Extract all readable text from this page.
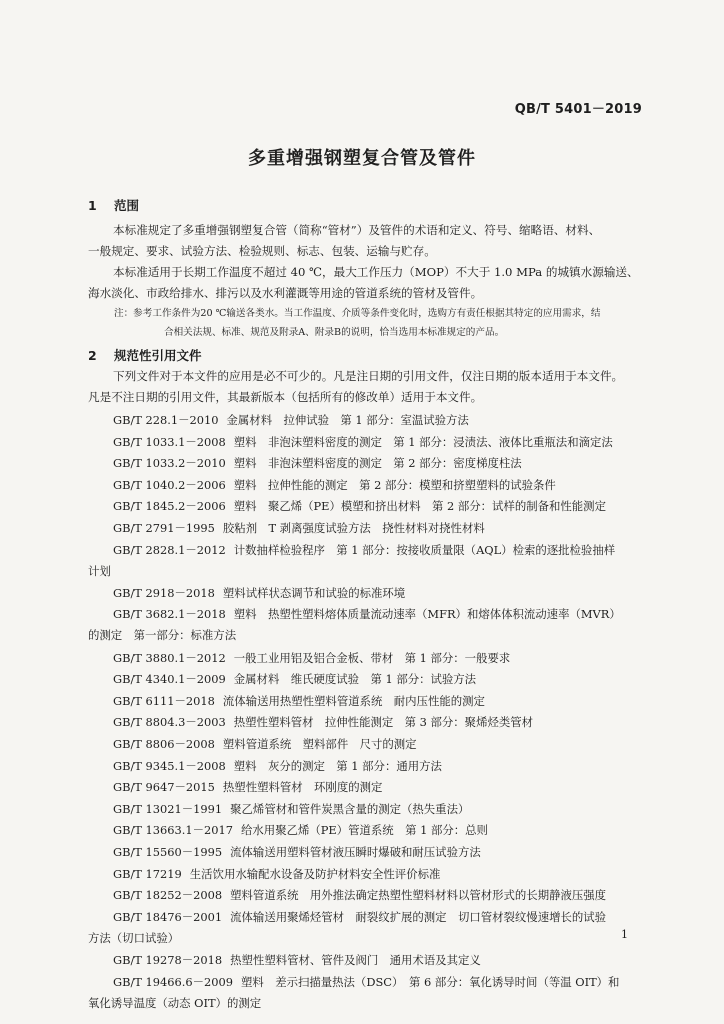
QB/T 5401－2019
多重增强钢塑复合管及管件
1 范围
本标准规定了多重增强钢塑复合管（简称“管材”）及管件的术语和定义、符号、缩略语、材料、
一般规定、要求、试验方法、检验规则、标志、包装、运输与贮存。
本标准适用于长期工作温度不超过 40 ℃，最大工作压力（MOP）不大于 1.0 MPa 的城镇水源输送、
海水淡化、市政给排水、排污以及水利灌溉等用途的管道系统的管材及管件。
注：参考工作条件为20 ℃输送各类水。当工作温度、介质等条件变化时，选购方有责任根据其特定的应用需求，结
合相关法规、标准、规范及附录A、附录B的说明，恰当选用本标准规定的产品。
2 规范性引用文件
下列文件对于本文件的应用是必不可少的。凡是注日期的引用文件，仅注日期的版本适用于本文件。
凡是不注日期的引用文件，其最新版本（包括所有的修改单）适用于本文件。
GB/T 228.1－2010 金属材料　拉伸试验　第 1 部分：室温试验方法
GB/T 1033.1－2008 塑料　非泡沫塑料密度的测定　第 1 部分：浸渍法、液体比重瓶法和滴定法
GB/T 1033.2－2010 塑料　非泡沫塑料密度的测定　第 2 部分：密度梯度柱法
GB/T 1040.2－2006 塑料　拉伸性能的测定　第 2 部分：模塑和挤塑塑料的试验条件
GB/T 1845.2－2006 塑料　聚乙烯（PE）模塑和挤出材料　第 2 部分：试样的制备和性能测定
GB/T 2791－1995 胶粘剂　T 剥离强度试验方法　挠性材料对挠性材料
GB/T 2828.1－2012 计数抽样检验程序　第 1 部分：按接收质量限（AQL）检索的逐批检验抽样
计划
GB/T 2918－2018 塑料试样状态调节和试验的标准环境
GB/T 3682.1－2018 塑料　热塑性塑料熔体质量流动速率（MFR）和熔体体积流动速率（MVR）
的测定　第一部分：标准方法
GB/T 3880.1－2012 一般工业用铝及铝合金板、带材　第 1 部分：一般要求
GB/T 4340.1－2009 金属材料　维氏硬度试验　第 1 部分：试验方法
GB/T 6111－2018 流体输送用热塑性塑料管道系统　耐内压性能的测定
GB/T 8804.3－2003 热塑性塑料管材　拉伸性能测定　第 3 部分：聚烯烃类管材
GB/T 8806－2008 塑料管道系统　塑料部件　尺寸的测定
GB/T 9345.1－2008 塑料　灰分的测定　第 1 部分：通用方法
GB/T 9647－2015 热塑性塑料管材　环刚度的测定
GB/T 13021－1991 聚乙烯管材和管件炭黑含量的测定（热失重法）
GB/T 13663.1－2017 给水用聚乙烯（PE）管道系统　第 1 部分：总则
GB/T 15560－1995 流体输送用塑料管材液压瞬时爆破和耐压试验方法
GB/T 17219 生活饮用水输配水设备及防护材料安全性评价标准
GB/T 18252－2008 塑料管道系统　用外推法确定热塑性塑料材料以管材形式的长期静液压强度
GB/T 18476－2001 流体输送用聚烯烃管材　耐裂纹扩展的测定　切口管材裂纹慢速增长的试验
方法（切口试验）
GB/T 19278－2018 热塑性塑料管材、管件及阀门　通用术语及其定义
GB/T 19466.6－2009 塑料　差示扫描量热法（DSC）　第 6 部分：氧化诱导时间（等温 OIT）和
氧化诱导温度（动态 OIT）的测定
1
